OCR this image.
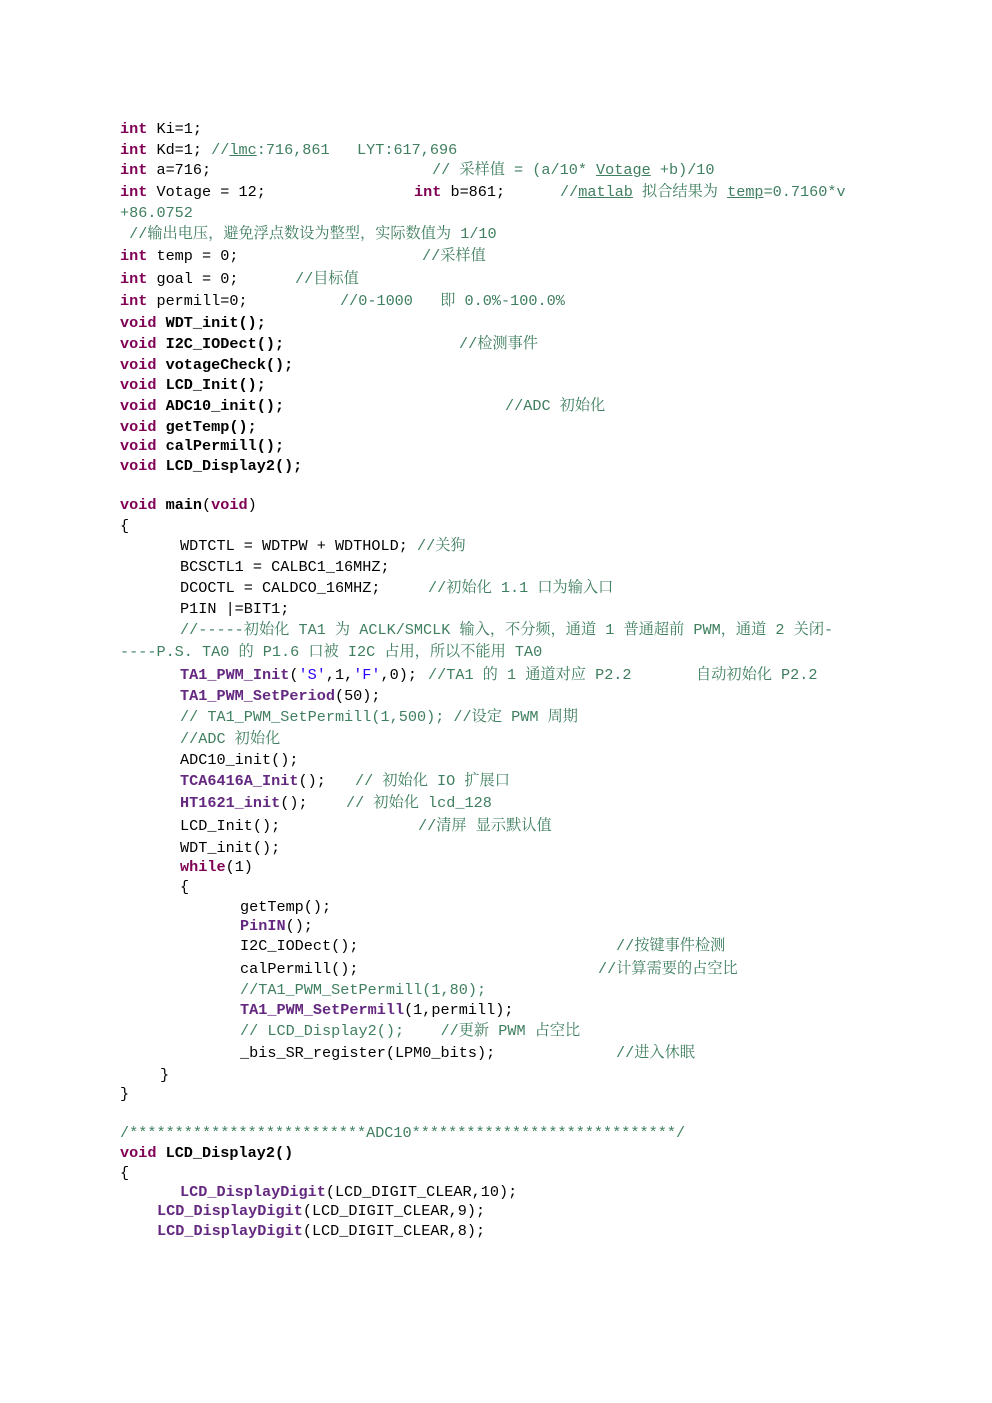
int Ki=1;
int Kd=1; //lmc:716,861   LYT:617,696
int a=716;	// 采样值 = (a/10* Votage +b)/10
int Votage = 12;	int b=861;	//matlab 拟合结果为 temp=0.7160*v
+86.0752
//输出电压，避免浮点数设为整型，实际数值为 1/10
int temp = 0;	//采样值
int goal = 0;	//目标值
int permill=0;	//0-1000   即 0.0%-100.0%
void WDT_init();
void I2C_IODect();	//检测事件
void votageCheck();
void LCD_Init();
void ADC10_init();	//ADC 初始化
void getTemp();
void calPermill();
void LCD_Display2();
void main(void)
{
WDTCTL = WDTPW + WDTHOLD; //关狗
BCSCTL1 = CALBC1_16MHZ;
DCOCTL = CALDCO_16MHZ;	//初始化 1.1 口为输入口
P1IN |=BIT1;
//-----初始化 TA1 为 ACLK/SMCLK 输入，不分频，通道 1 普通超前 PWM，通道 2 关闭-
----P.S. TA0 的 P1.6 口被 I2C 占用，所以不能用 TA0
TA1_PWM_Init('S',1,'F',0); //TA1 的 1 通道对应 P2.2	自动初始化 P2.2
TA1_PWM_SetPeriod(50);
// TA1_PWM_SetPermill(1,500); //设定 PWM 周期
//ADC 初始化
ADC10_init();
TCA6416A_Init(); // 初始化 IO 扩展口
HT1621_init();	// 初始化 lcd_128
LCD_Init();	//清屏 显示默认值
WDT_init();
while(1)
{
getTemp();
PinIN();
I2C_IODect();	//按键事件检测
calPermill();	//计算需要的占空比
//TA1_PWM_SetPermill(1,80);
TA1_PWM_SetPermill(1,permill);
// LCD_Display2();    //更新 PWM 占空比
_bis_SR_register(LPM0_bits);	//进入休眠
}
}
/**************************ADC10*****************************/
void LCD_Display2()
{
LCD_DisplayDigit(LCD_DIGIT_CLEAR,10);
LCD_DisplayDigit(LCD_DIGIT_CLEAR,9);
LCD_DisplayDigit(LCD_DIGIT_CLEAR,8);
